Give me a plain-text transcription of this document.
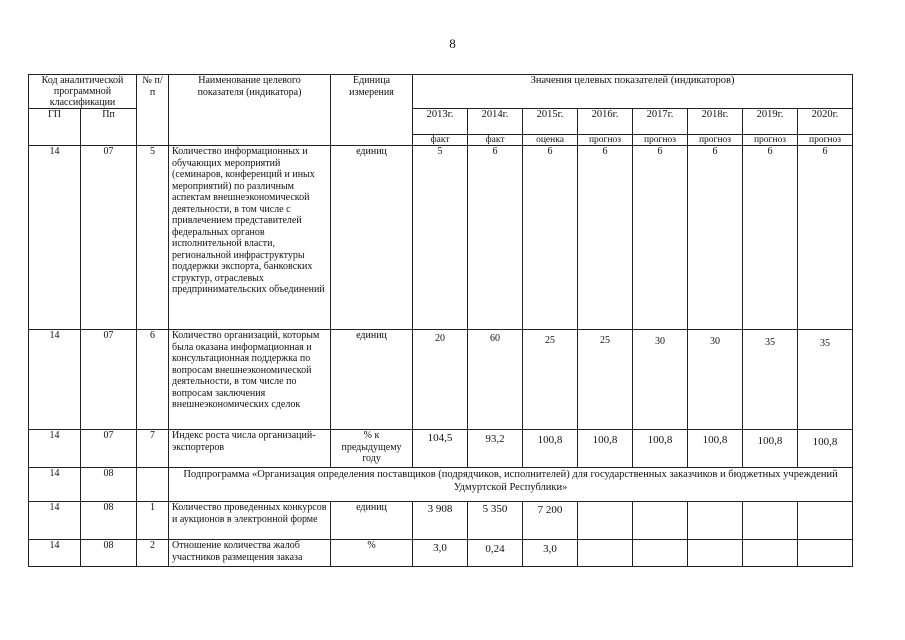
8
Код аналитической программной классификации		№ п/п	Наименование целевого показателя (индикатора)	Единица измерения	Значения целевых показателей (индикаторов)							
ГП	Пп				2013г.	2014г.	2015г.	2016г.	2017г.	2018г.	2019г.	2020г.
					факт	факт	оценка	прогноз	прогноз	прогноз	прогноз	прогноз
14	07	5	Количество информационных и обучающих мероприятий (семинаров, конференций и иных мероприятий) по различным аспектам внешнеэкономической деятельности, в том числе с привлечением представителей федеральных органов исполнительной власти, региональной инфраструктуры поддержки экспорта, банковских структур, отраслевых предпринимательских объединений	единиц	5	6	6	6	6	6	6	6
14	07	6	Количество организаций, которым была оказана информационная и консультационная поддержка по вопросам внешнеэкономической деятельности, в том числе по вопросам заключения внешнеэкономических сделок	единиц	20	60	25	25	30	30	35	35
14	07	7	Индекс роста числа организаций-экспортеров	% к предыдущему году	104,5	93,2	100,8	100,8	100,8	100,8	100,8	100,8
14	08		Подпрограмма «Организация определения поставщиков (подрядчиков, исполнителей) для государственных заказчиков и бюджетных учреждений Удмуртской Республики»									
14	08	1	Количество проведенных конкурсов и аукционов в электронной форме	единиц	3 908	5 350	7 200					
14	08	2	Отношение количества жалоб участников размещения заказа	%	3,0	0,24	3,0					
